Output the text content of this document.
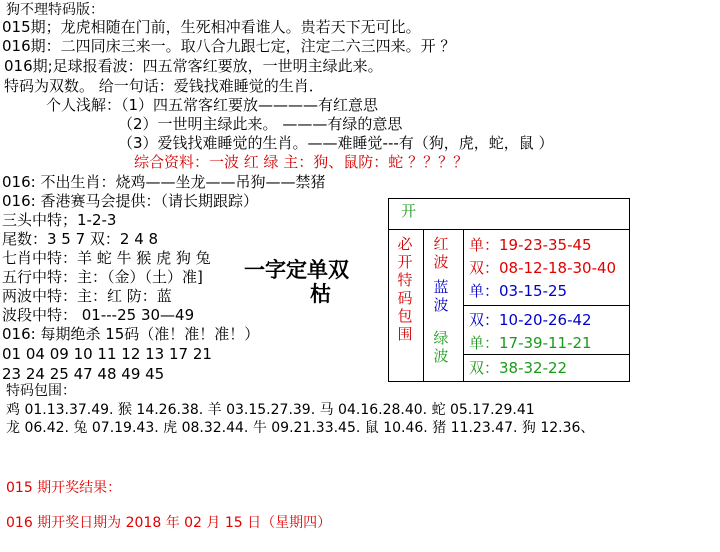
狗不理特码版：
015期；龙虎相随在门前，生死相冲看谁人。贵若天下无可比。
016期：二四同床三来一。取八合九跟七定，注定二六三四来。开 ？
016期;足球报看波：四五常客红要放，一世明主绿此来。
特码为双数。 给一句话：爱钱找难睡觉的生肖．
个人浅解：（1）四五常客红要放————有红意思
（2）一世明主绿此来。 ———有绿的意思
（3）爱钱找难睡觉的生肖。——难睡觉---有（狗，虎，蛇，鼠 ）
综合资料：一波 红 绿 主：狗、鼠防：蛇 ？？？？
016: 不出生肖：烧鸡——坐龙——吊狗——禁猪
016: 香港赛马会提供：（请长期跟踪）
三头中特；1-2-3
尾数：3 5 7 双：2 4 8
七肖中特：羊 蛇 牛 猴 虎 狗 兔
五行中特：主：（金）（土）准]
两波中特：主：红 防：蓝
波段中特： 01---25 30—49
016: 每期绝杀 15码（准！准！准！）
01 04 09 10 11 12 13 17 21
23 24 25 47 48 49 45
一字定单双
枯
开
必开特码包围
红波
蓝波
绿波
单：19-23-35-45
双：08-12-18-30-40
单：03-15-25
双：10-20-26-42
单：17-39-11-21
双：38-32-22
特码包围：
鸡 01.13.37.49. 猴 14.26.38. 羊 03.15.27.39. 马 04.16.28.40. 蛇 05.17.29.41
龙 06.42. 兔 07.19.43. 虎 08.32.44. 牛 09.21.33.45. 鼠 10.46. 猪 11.23.47. 狗 12.36、
015 期开奖结果：
016 期开奖日期为 2018 年 02 月 15 日（星期四）
